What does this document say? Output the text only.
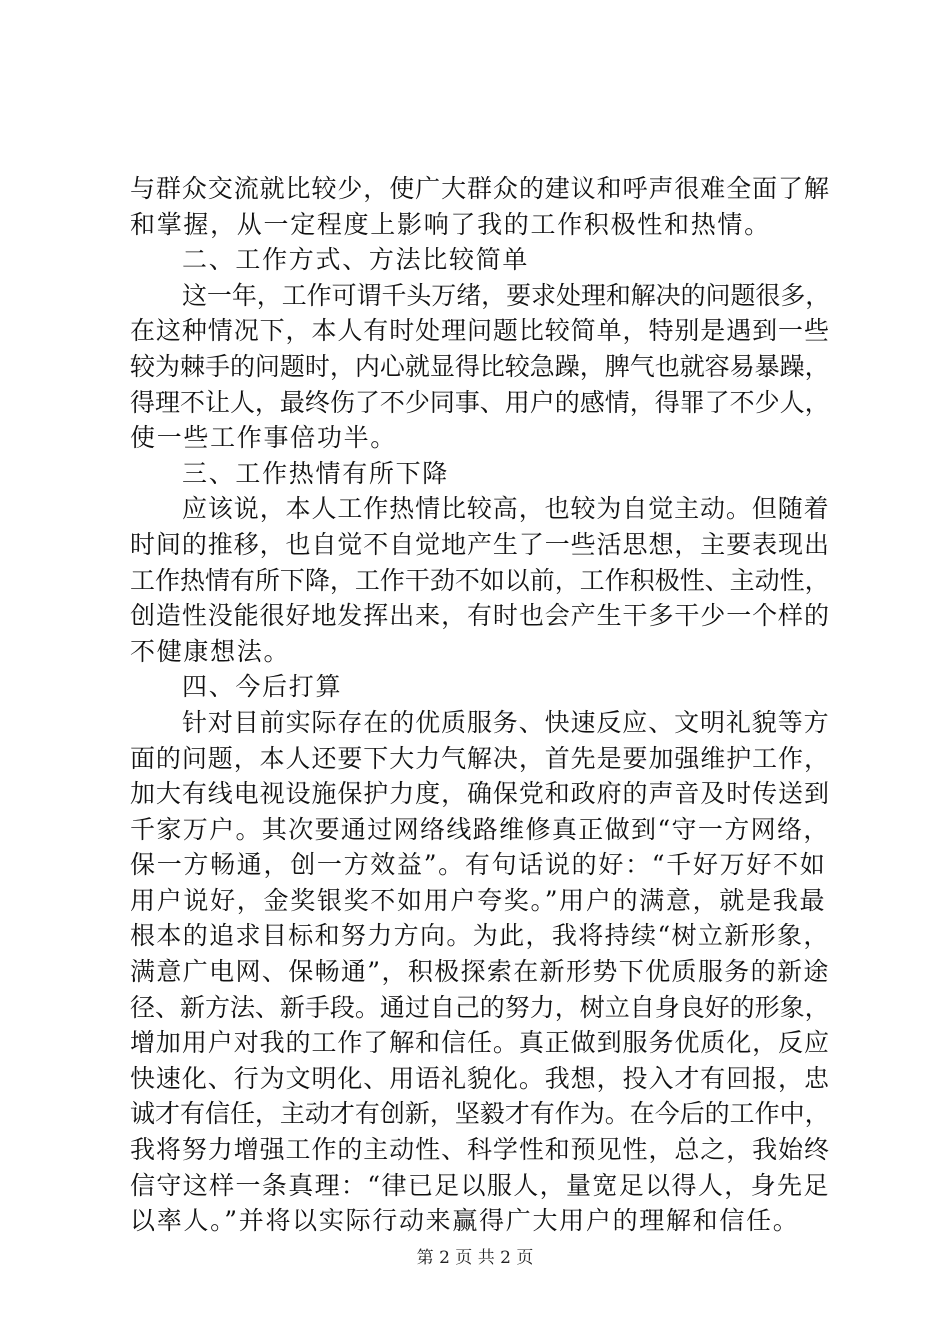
与群众交流就比较少，使广大群众的建议和呼声很难全面了解
和掌握，从一定程度上影响了我的工作积极性和热情。
二、工作方式、方法比较简单
这一年，工作可谓千头万绪，要求处理和解决的问题很多，
在这种情况下，本人有时处理问题比较简单，特别是遇到一些
较为棘手的问题时，内心就显得比较急躁，脾气也就容易暴躁，
得理不让人，最终伤了不少同事、用户的感情，得罪了不少人，
使一些工作事倍功半。
三、工作热情有所下降
应该说，本人工作热情比较高，也较为自觉主动。但随着
时间的推移，也自觉不自觉地产生了一些活思想，主要表现出
工作热情有所下降，工作干劲不如以前，工作积极性、主动性，
创造性没能很好地发挥出来，有时也会产生干多干少一个样的
不健康想法。
四、今后打算
针对目前实际存在的优质服务、快速反应、文明礼貌等方
面的问题，本人还要下大力气解决，首先是要加强维护工作，
加大有线电视设施保护力度，确保党和政府的声音及时传送到
千家万户。其次要通过网络线路维修真正做到“守一方网络，
保一方畅通，创一方效益”。有句话说的好：“千好万好不如
用户说好，金奖银奖不如用户夸奖。”用户的满意，就是我最
根本的追求目标和努力方向。为此，我将持续“树立新形象，
满意广电网、保畅通”，积极探索在新形势下优质服务的新途
径、新方法、新手段。通过自己的努力，树立自身良好的形象，
增加用户对我的工作了解和信任。真正做到服务优质化，反应
快速化、行为文明化、用语礼貌化。我想，投入才有回报，忠
诚才有信任，主动才有创新，坚毅才有作为。在今后的工作中，
我将努力增强工作的主动性、科学性和预见性，总之，我始终
信守这样一条真理：“律已足以服人，量宽足以得人，身先足
以率人。”并将以实际行动来赢得广大用户的理解和信任。
第 2 页 共 2 页
